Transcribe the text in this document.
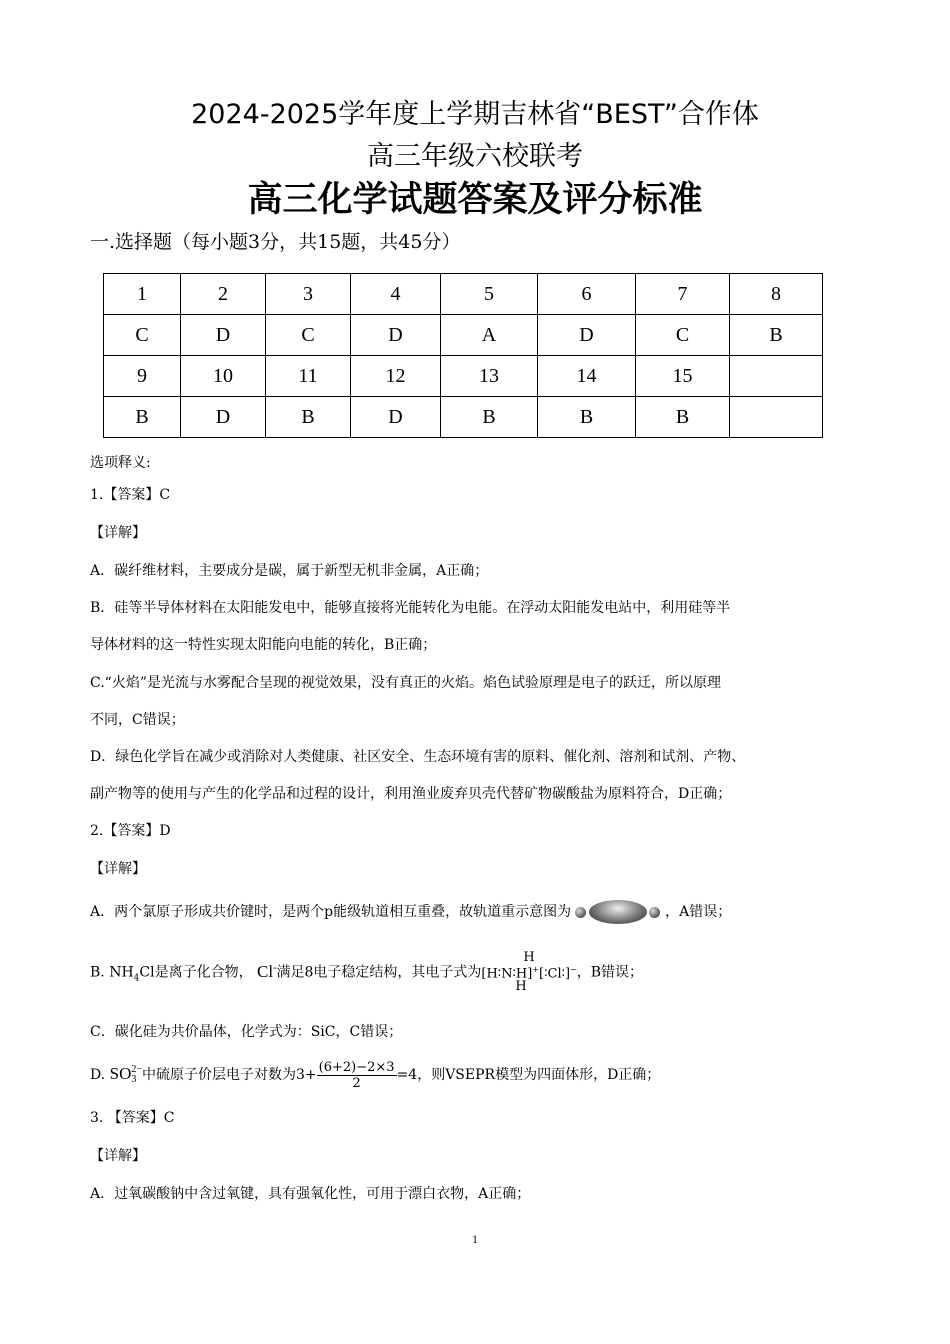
2024-2025学年度上学期吉林省“BEST”合作体
高三年级六校联考
高三化学试题答案及评分标准
一.选择题（每小题3分，共15题，共45分）
1	2	3	4	5	6	7	8
C	D	C	D	A	D	C	B
9	10	11	12	13	14	15	
B	D	B	D	B	B	B	
选项释义:
1.【答案】C
【详解】
A．碳纤维材料，主要成分是碳，属于新型无机非金属，A正确；
B．硅等半导体材料在太阳能发电中，能够直接将光能转化为电能。在浮动太阳能发电站中，利用硅等半
导体材料的这一特性实现太阳能向电能的转化，B正确；
C.“火焰”是光流与水雾配合呈现的视觉效果，没有真正的火焰。焰色试验原理是电子的跃迁，所以原理
不同，C错误；
D．绿色化学旨在减少或消除对人类健康、社区安全、生态环境有害的原料、催化剂、溶剂和试剂、产物、
副产物等的使用与产生的化学品和过程的设计，利用渔业废弃贝壳代替矿物碳酸盐为原料符合，D正确；
2.【答案】D
【详解】
A．两个氯原子形成共价键时，是两个p能级轨道相互重叠，故轨道重示意图为	，A错误；
B. $NH_4Cl$是离子化合物， Cl-满足8电子稳定结构，其电子式为
H
[H∶N∶H]+[∶Cl∶]−
H
，B错误；
C．碳化硅为共价晶体，化学式为：SiC，C错误；
D. SO 2−
3 中硫原子价层电子对数为$3+ \frac{(6+2)-2\times 3}{2} =4$，则VSEPR模型为四面体形，D正确；
3. 【答案】C
【详解】
A．过氧碳酸钠中含过氧键，具有强氧化性，可用于漂白衣物，A正确；
1
